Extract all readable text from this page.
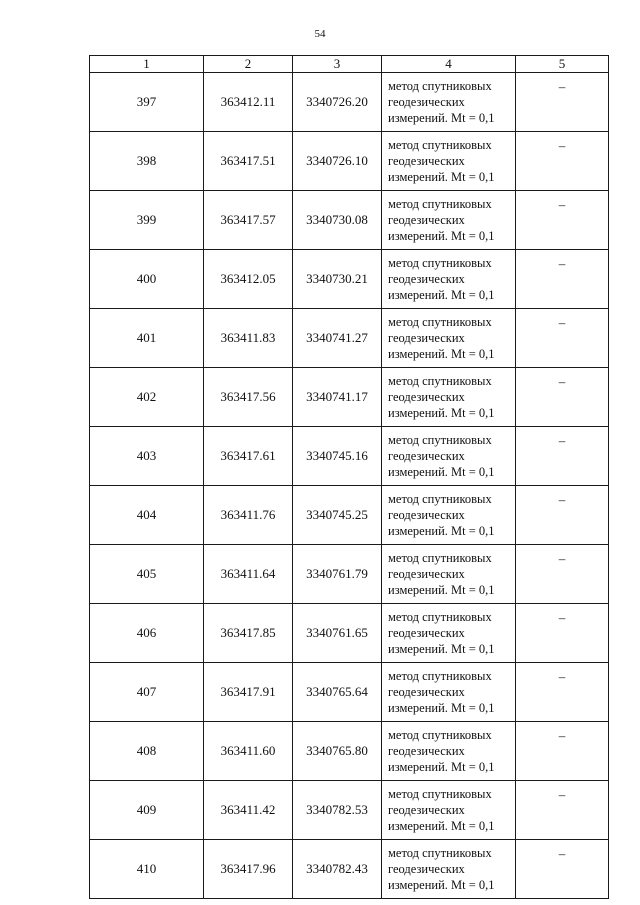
54
1	2	3	4	5
397	363412.11	3340726.20	метод спутниковых
геодезических
измерений. Mt = 0,1	–
398	363417.51	3340726.10	метод спутниковых
геодезических
измерений. Mt = 0,1	–
399	363417.57	3340730.08	метод спутниковых
геодезических
измерений. Mt = 0,1	–
400	363412.05	3340730.21	метод спутниковых
геодезических
измерений. Mt = 0,1	–
401	363411.83	3340741.27	метод спутниковых
геодезических
измерений. Mt = 0,1	–
402	363417.56	3340741.17	метод спутниковых
геодезических
измерений. Mt = 0,1	–
403	363417.61	3340745.16	метод спутниковых
геодезических
измерений. Mt = 0,1	–
404	363411.76	3340745.25	метод спутниковых
геодезических
измерений. Mt = 0,1	–
405	363411.64	3340761.79	метод спутниковых
геодезических
измерений. Mt = 0,1	–
406	363417.85	3340761.65	метод спутниковых
геодезических
измерений. Mt = 0,1	–
407	363417.91	3340765.64	метод спутниковых
геодезических
измерений. Mt = 0,1	–
408	363411.60	3340765.80	метод спутниковых
геодезических
измерений. Mt = 0,1	–
409	363411.42	3340782.53	метод спутниковых
геодезических
измерений. Mt = 0,1	–
410	363417.96	3340782.43	метод спутниковых
геодезических
измерений. Mt = 0,1	–
